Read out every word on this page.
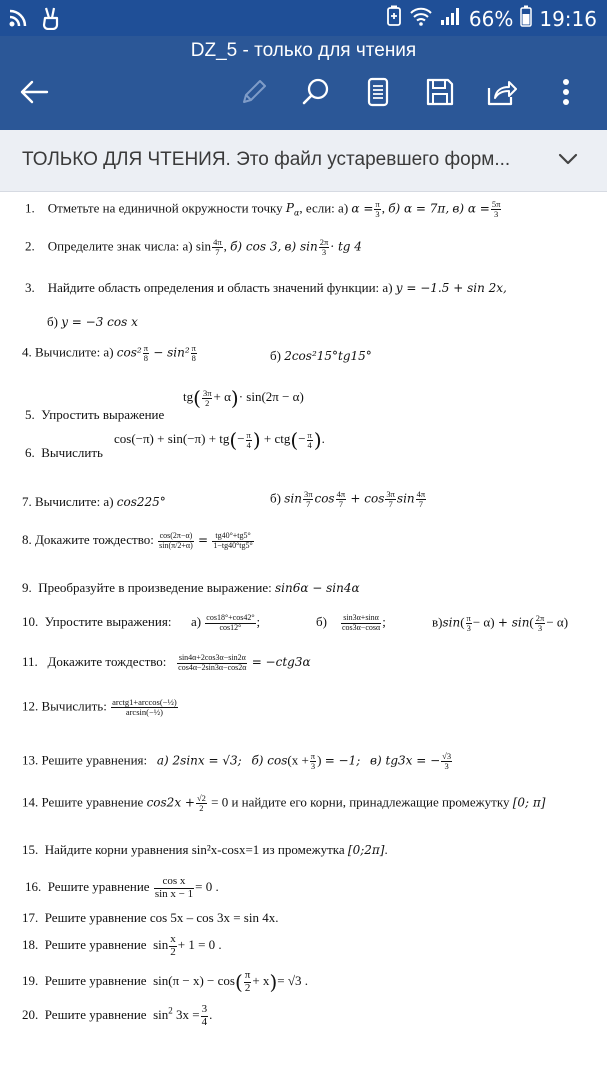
66% 19:16
DZ_5 - только для чтения
ТОЛЬКО ДЛЯ ЧТЕНИЯ. Это файл устаревшего форм...
1. Отметьте на единичной окружности точку $P_\alpha$, если: а) $\alpha = \frac{\pi}{3}$ , б) α = 7π, в) $\alpha = \frac{5\pi}{3}$
2. Определите знак числа: а) $\sin \frac{4\pi}{7}$ , б) cos 3, в) $\sin \frac{2\pi}{3}$ · tg 4
3. Найдите область определения и область значений функции: а) y = −1.5 + sin 2x,
б) y = −3 cos x
4. Вычислите: а) $\cos^2 \frac{\pi}{8} - \sin^2 \frac{\pi}{8}$	б) 2cos²15°tg15°
$tg( \frac{3\pi}{2} + \alpha)\cdot \sin(2\pi - \alpha)$
5. Упростить выражение
$\cos(-\pi) + \sin(-\pi) + tg(- \frac{\pi}{4}$ ) + $ctg(- \frac{\pi}{4}$ ).
6. Вычислить
7. Вычислите: а) cos225°	б) $\sin \frac{3\pi}{7}$ $\cos \frac{4\pi}{7} + \cos \frac{3\pi}{7}$ $\sin \frac{4\pi}{7}$
8. Докажите тождество: $\frac{\cos(2\pi-\alpha)}{\sin(\pi/2+\alpha)} = \frac{tg40^\circ+tg5^\circ}{1-tg40^\circ tg5^\circ}$
9. Преобразуйте в произведение выражение: sin6α − sin4α
10. Упростите выражения: $а) \frac{\cos 18^\circ+\cos 42^\circ}{\cos 12^\circ}$ ;	$б) \frac{\sin 3\alpha+\sin\alpha}{\cos 3\alpha-\cos\alpha}$ ;	$в)\sin( \frac{\pi}{3} - \alpha) + \sin( \frac{2\pi}{3} - \alpha)$
11. Докажите тождество: $\frac{\sin 4\alpha+2\cos 3\alpha-\sin 2\alpha}{\cos 4\alpha-2\sin 3\alpha-\cos 2\alpha} = -ctg3\alpha$
12. Вычислить: $\frac{\text{arctg1+arccos(−½)}}{\text{arcsin(−½)}}$
13. Решите уравнения: а) 2sinx = √3; б) $\cos(x + \frac{\pi}{3}$ ) = −1; в) tg3x = − $\frac{√3}{3}$
14. Решите уравнение $\cos 2x + \frac{√2}{2} = 0$ и найдите его корни, принадлежащие промежутку [0; π]
15. Найдите корни уравнения sin²x-cosx=1 из промежутка [0;2π].
16. Решите уравнение $\frac{\text{cos x}}{\text{sin x − 1}} = 0$ .
17. Решите уравнение cos 5x – cos 3x = sin 4x.
18. Решите уравнение  $\sin \frac{x}{2} + 1 = 0$ .
19. Решите уравнение  $\sin(\pi - x) - \cos( \frac{\pi}{2} + x)= √3$ .
20. Решите уравнение  $\sin^2 3x = \frac{3}{4}$ .
